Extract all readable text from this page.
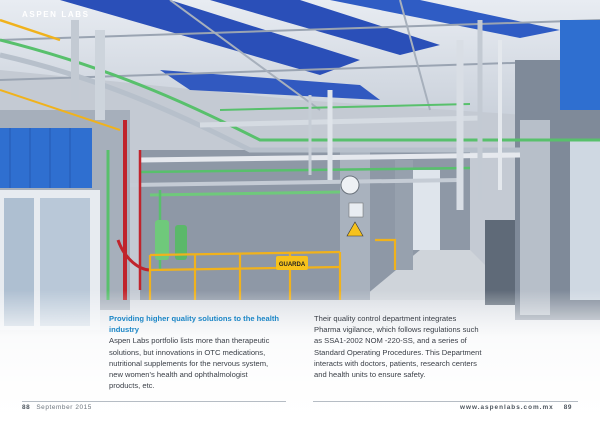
GUARDA
ASPEN LABS
Providing higher quality solutions to the health industry
Aspen Labs portfolio lists more than therapeutic
solutions, but innovations in OTC medications,
nutritional supplements for the nervous system,
new women's health and ophthalmologist
products, etc.
Their quality control department integrates
Pharma vigilance, which follows regulations such
as SSA1-2002 NOM -220-SS, and a series of
Standard Operating Procedures. This Department
interacts with doctors, patients, research centers
and health units to ensure safety.
88 September 2015	www.aspenlabs.com.mx 89
